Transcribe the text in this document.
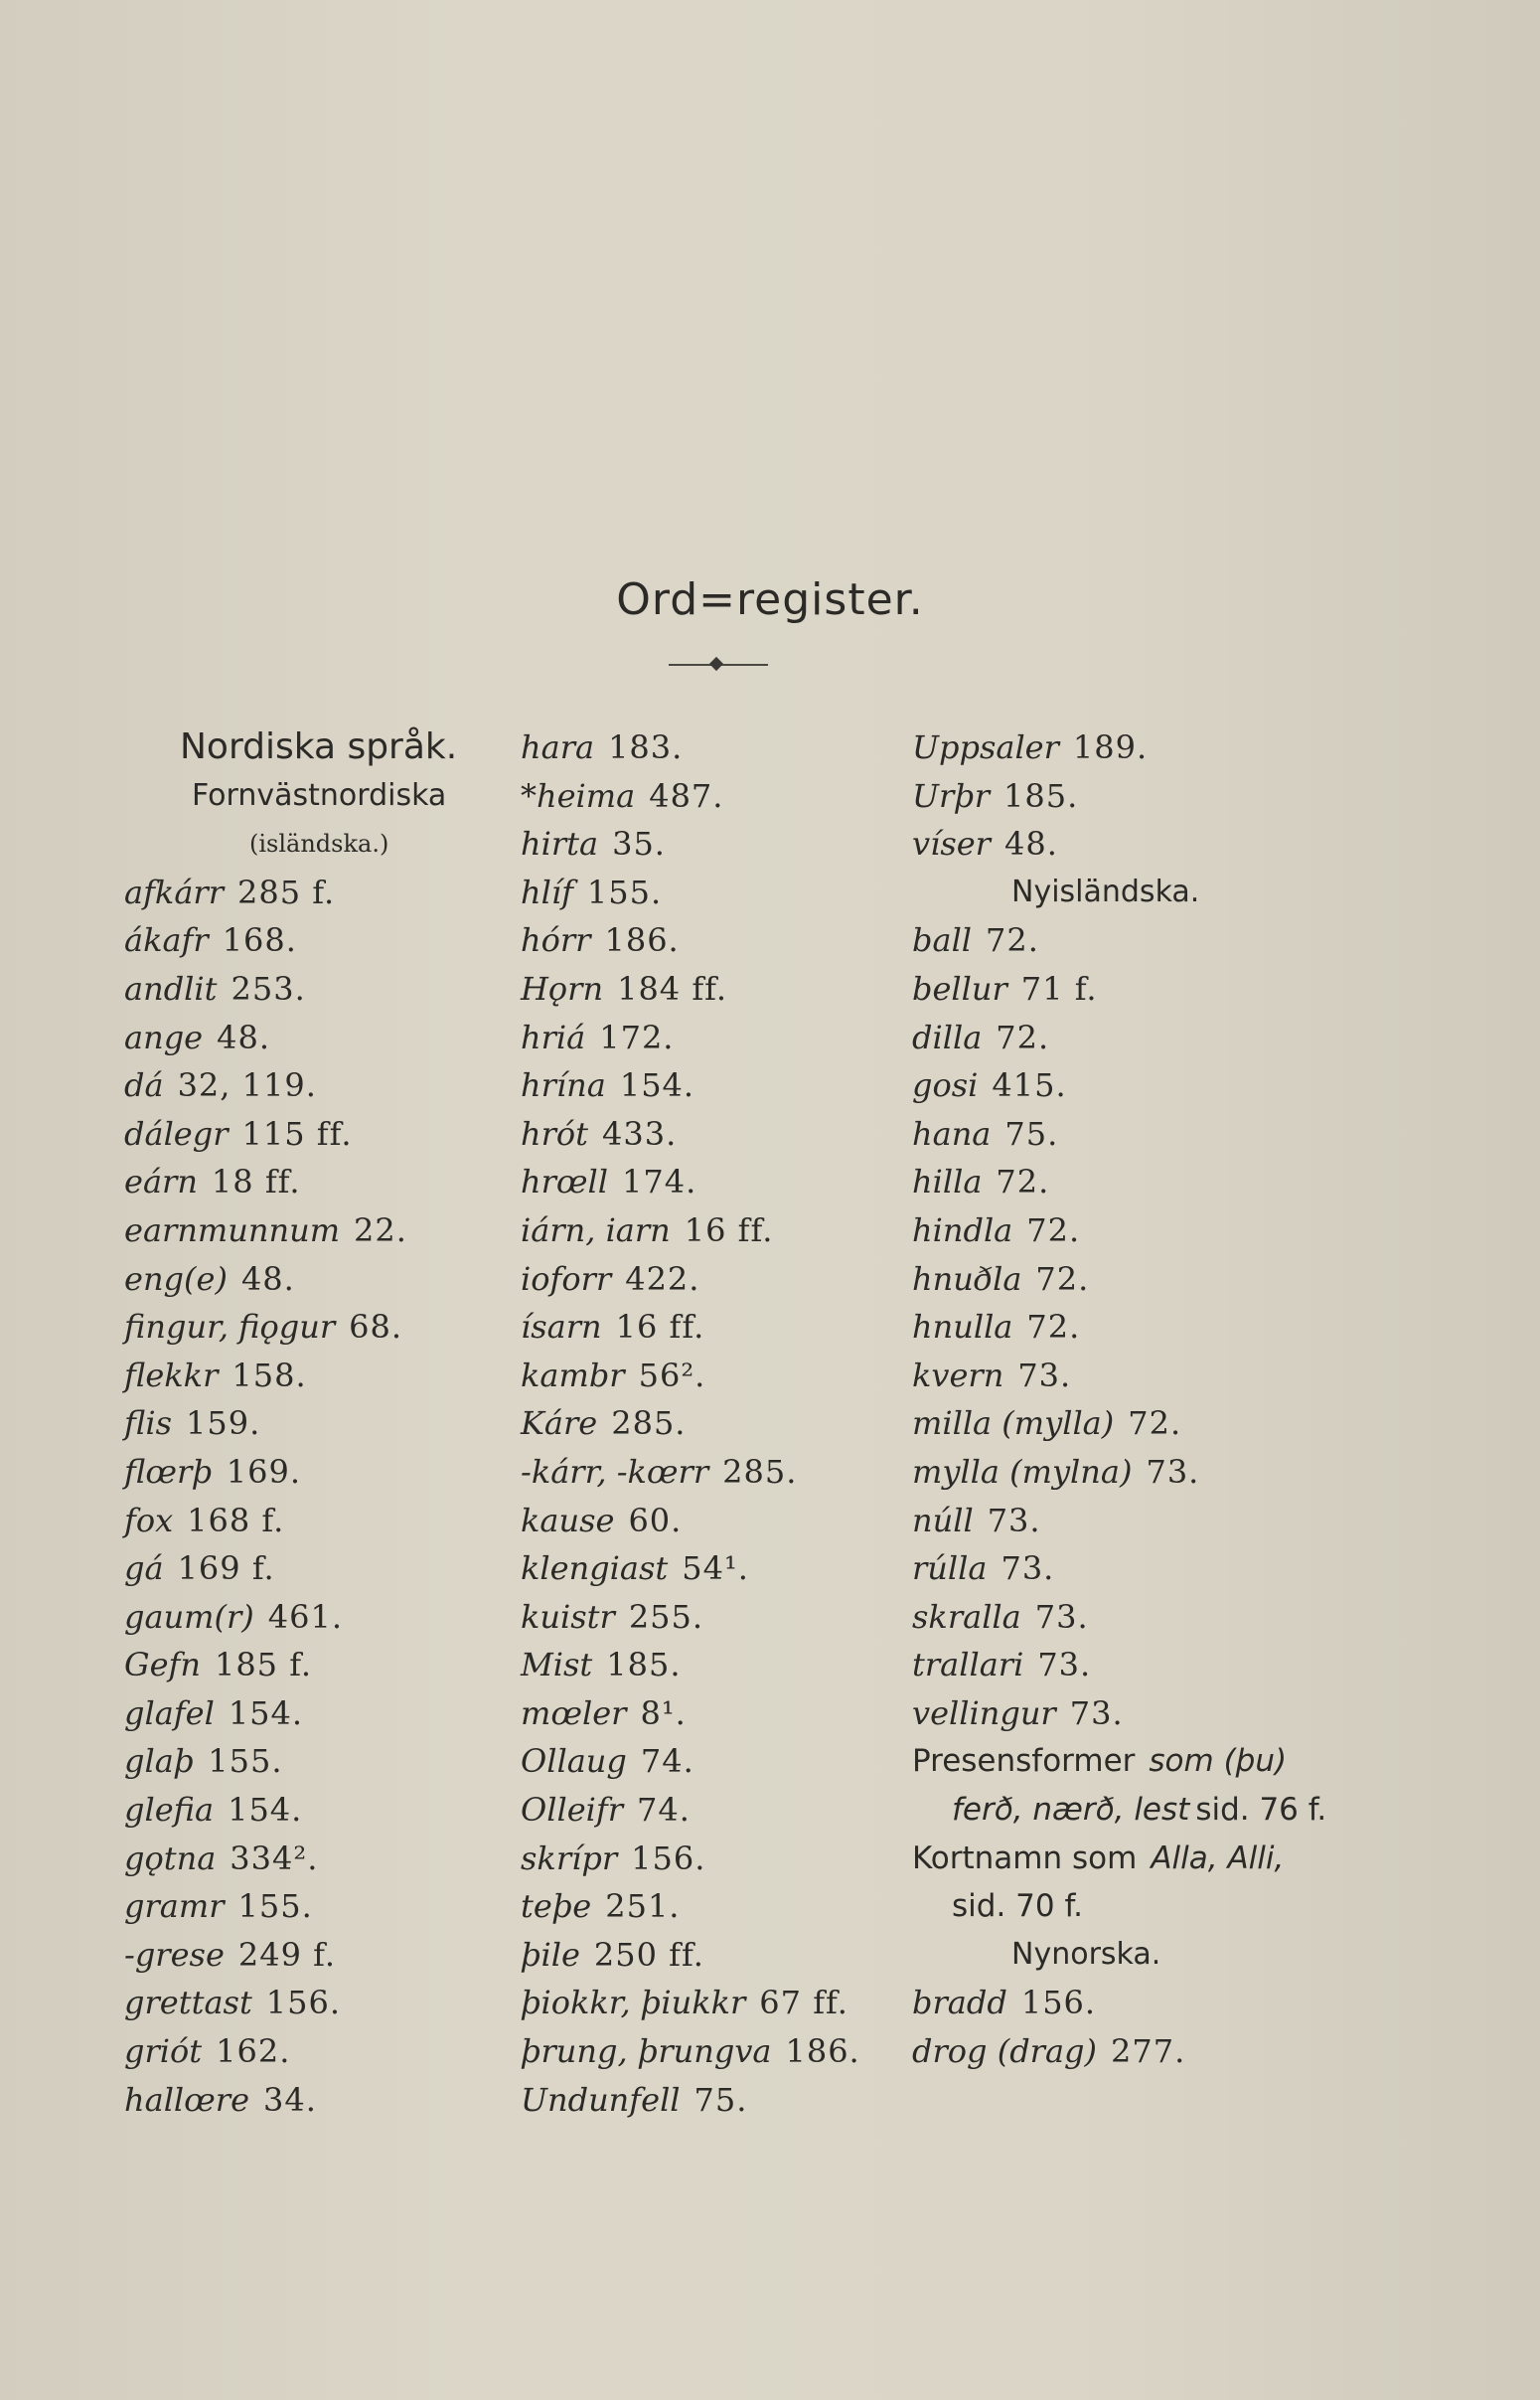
Ord=register.
Nordiska språk.
Fornvästnordiska
(isländska.)
afkárr 285 f.
ákafr 168.
andlit 253.
ange 48.
dá 32, 119.
dálegr 115 ff.
eárn 18 ff.
earnmunnum 22.
eng(e) 48.
fingur, fiǫgur 68.
flekkr 158.
flis 159.
flœrþ 169.
fox 168 f.
gá 169 f.
gaum(r) 461.
Gefn 185 f.
glafel 154.
glaþ 155.
glefia 154.
gǫtna 334².
gramr 155.
-grese 249 f.
grettast 156.
griót 162.
hallœre 34.
hara 183.
*heima 487.
hirta 35.
hlíf 155.
hórr 186.
Hǫrn 184 ff.
hriá 172.
hrína 154.
hrót 433.
hrœll 174.
iárn, iarn 16 ff.
ioforr 422.
ísarn 16 ff.
kambr 56².
Káre 285.
-kárr, -kœrr 285.
kause 60.
klengiast 54¹.
kuistr 255.
Mist 185.
mœler 8¹.
Ollaug 74.
Olleifr 74.
skrípr 156.
teþe 251.
þile 250 ff.
þiokkr, þiukkr 67 ff.
þrung, þrungva 186.
Undunfell 75.
Uppsaler 189.
Urþr 185.
víser 48.
Nyisländska.
ball 72.
bellur 71 f.
dilla 72.
gosi 415.
hana 75.
hilla 72.
hindla 72.
hnuðla 72.
hnulla 72.
kvern 73.
milla (mylla) 72.
mylla (mylna) 73.
núll 73.
rúlla 73.
skralla 73.
trallari 73.
vellingur 73.
Presensformer som (þu)
ferð, nærð, lest sid. 76 f.
Kortnamn som Alla, Alli,
sid. 70 f.
Nynorska.
bradd 156.
drog (drag) 277.
